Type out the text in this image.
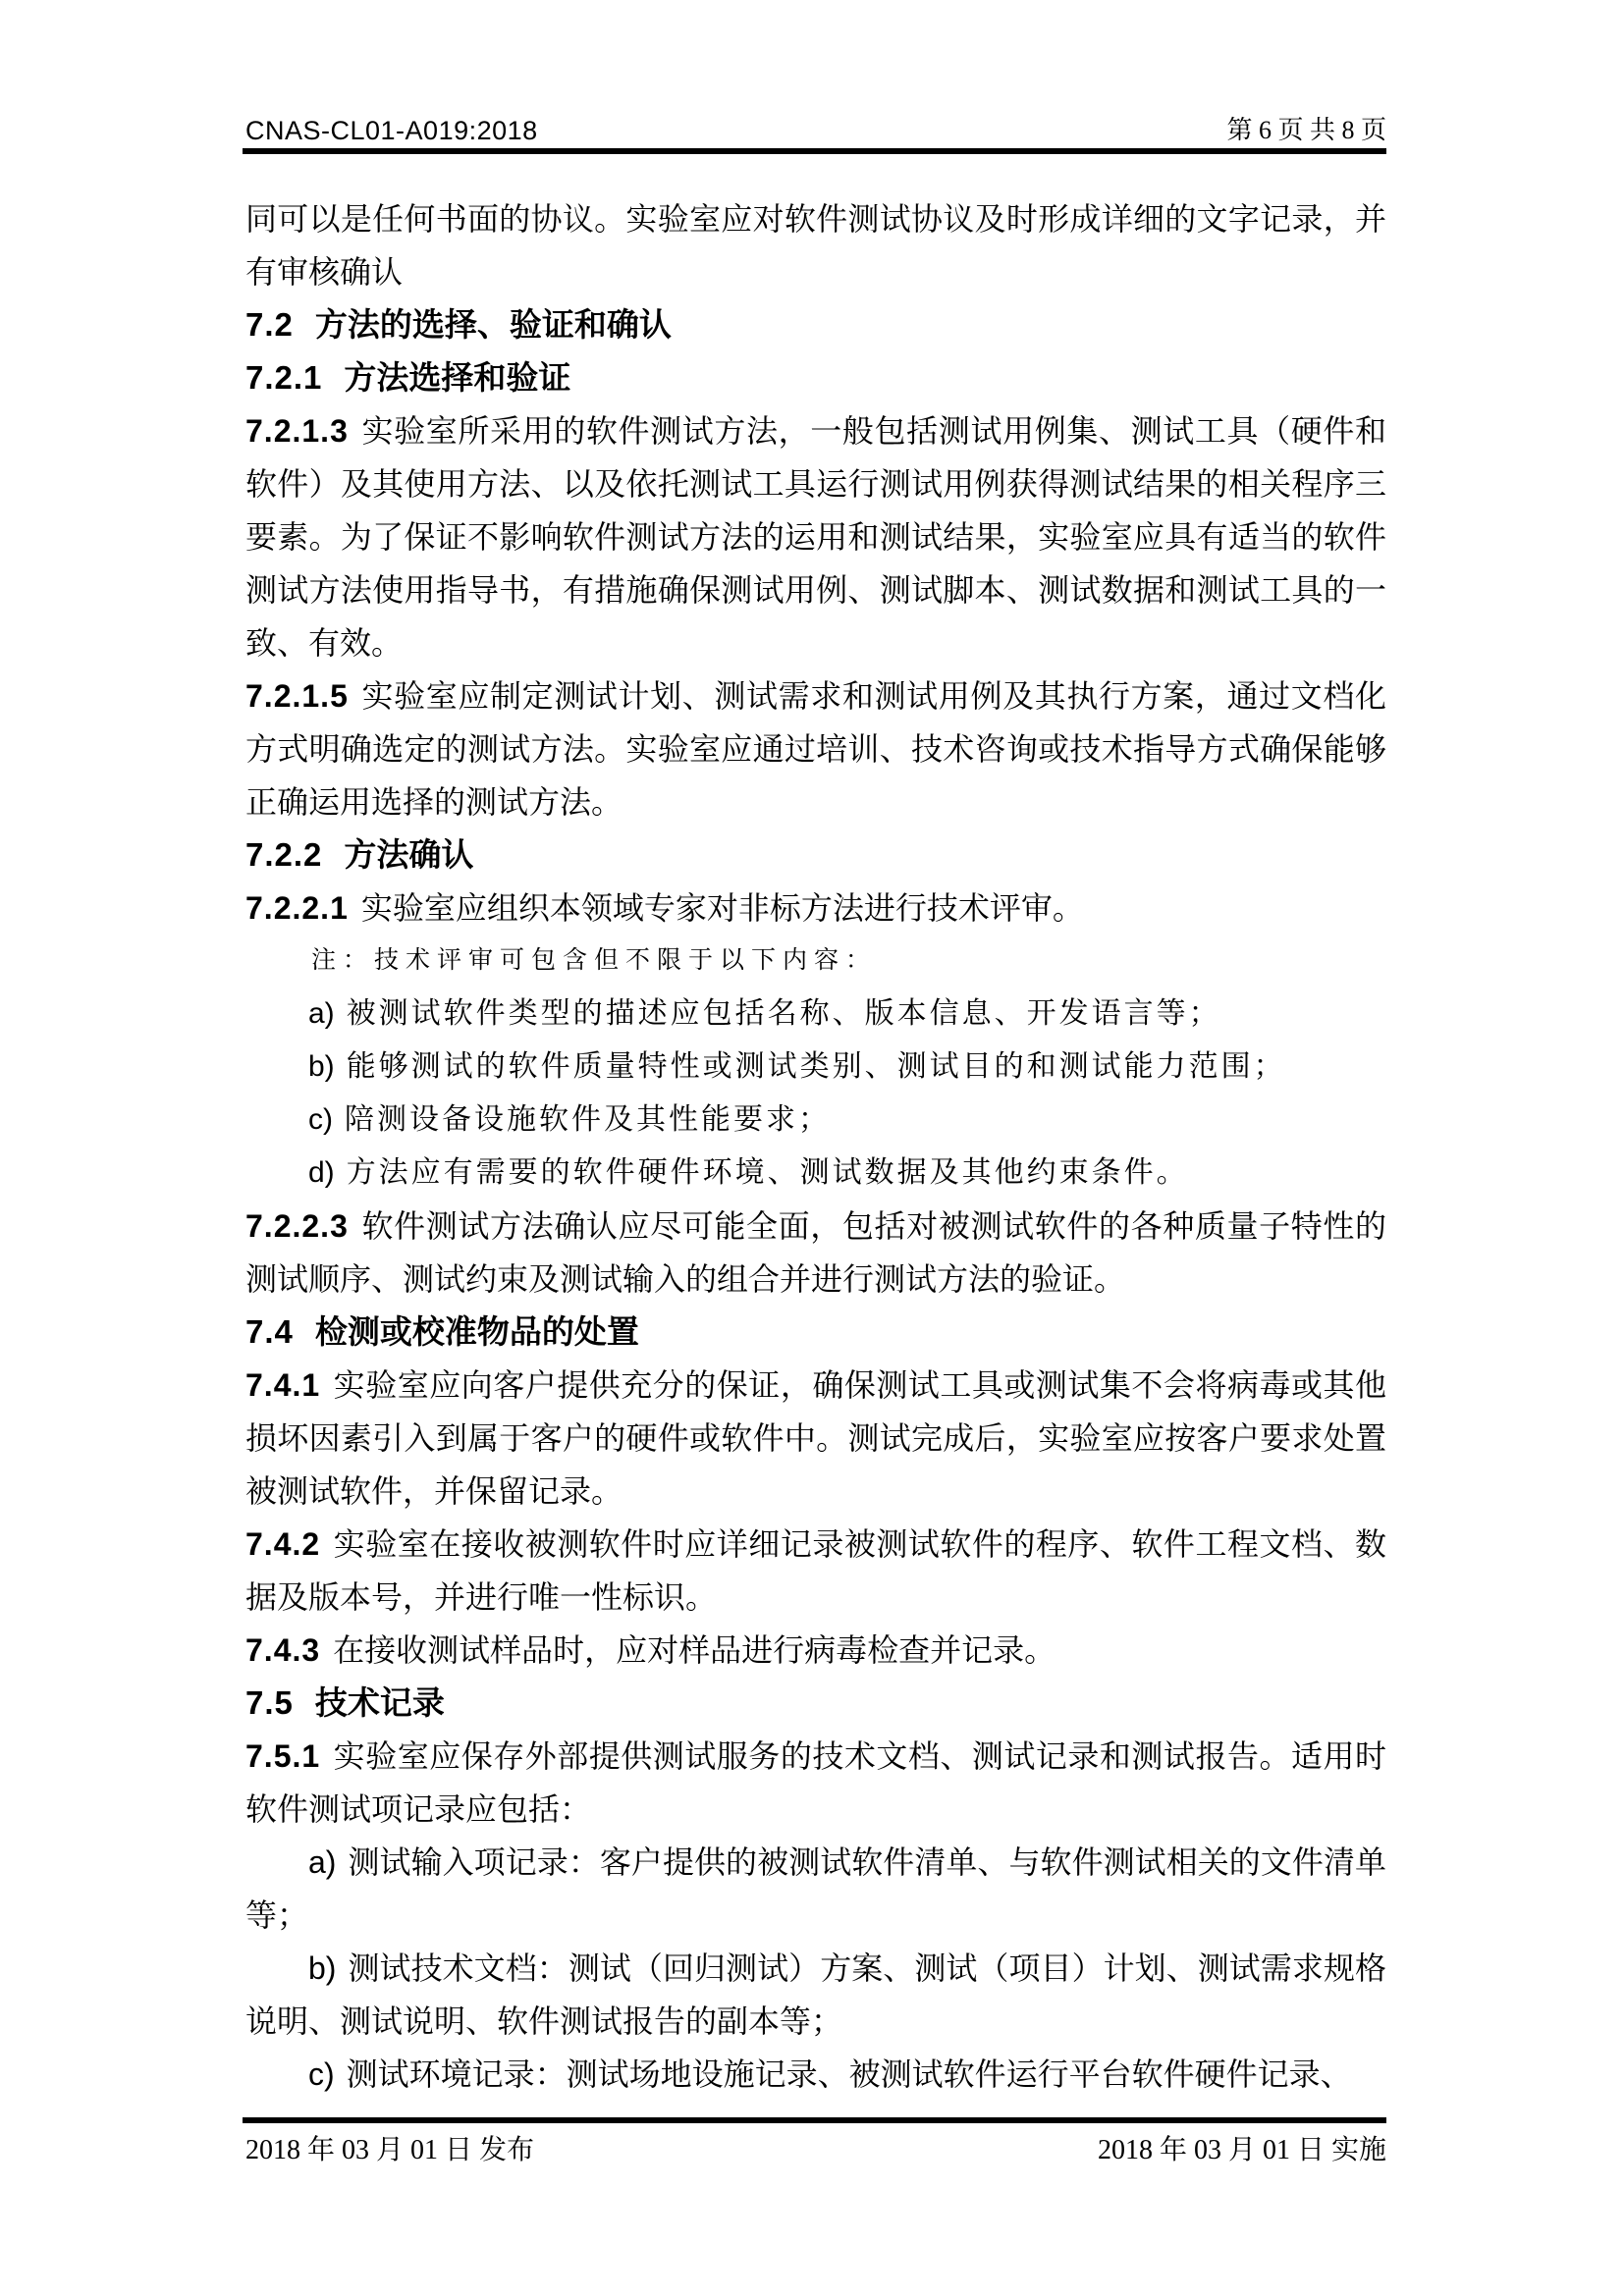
CNAS-CL01-A019:2018	第 6 页 共 8 页

同可以是任何书面的协议。实验室应对软件测试协议及时形成详细的文字记录，并有审核确认

7.2 方法的选择、验证和确认

7.2.1 方法选择和验证

7.2.1.3 实验室所采用的软件测试方法，一般包括测试用例集、测试工具（硬件和软件）及其使用方法、以及依托测试工具运行测试用例获得测试结果的相关程序三要素。为了保证不影响软件测试方法的运用和测试结果，实验室应具有适当的软件测试方法使用指导书，有措施确保测试用例、测试脚本、测试数据和测试工具的一致、有效。

7.2.1.5 实验室应制定测试计划、测试需求和测试用例及其执行方案，通过文档化方式明确选定的测试方法。实验室应通过培训、技术咨询或技术指导方式确保能够正确运用选择的测试方法。

7.2.2 方法确认

7.2.2.1 实验室应组织本领域专家对非标方法进行技术评审。

注：技术评审可包含但不限于以下内容：

a) 被测试软件类型的描述应包括名称、版本信息、开发语言等；

b) 能够测试的软件质量特性或测试类别、测试目的和测试能力范围；

c) 陪测设备设施软件及其性能要求；

d) 方法应有需要的软件硬件环境、测试数据及其他约束条件。

7.2.2.3 软件测试方法确认应尽可能全面，包括对被测试软件的各种质量子特性的测试顺序、测试约束及测试输入的组合并进行测试方法的验证。

7.4 检测或校准物品的处置

7.4.1 实验室应向客户提供充分的保证，确保测试工具或测试集不会将病毒或其他损坏因素引入到属于客户的硬件或软件中。测试完成后，实验室应按客户要求处置被测试软件，并保留记录。

7.4.2 实验室在接收被测软件时应详细记录被测试软件的程序、软件工程文档、数据及版本号，并进行唯一性标识。

7.4.3 在接收测试样品时，应对样品进行病毒检查并记录。

7.5 技术记录

7.5.1 实验室应保存外部提供测试服务的技术文档、测试记录和测试报告。适用时软件测试项记录应包括：

a) 测试输入项记录：客户提供的被测试软件清单、与软件测试相关的文件清单等；

b) 测试技术文档：测试（回归测试）方案、测试（项目）计划、测试需求规格说明、测试说明、软件测试报告的副本等；

c) 测试环境记录：测试场地设施记录、被测试软件运行平台软件硬件记录、

2018 年 03 月 01 日 发布	2018 年 03 月 01 日 实施
